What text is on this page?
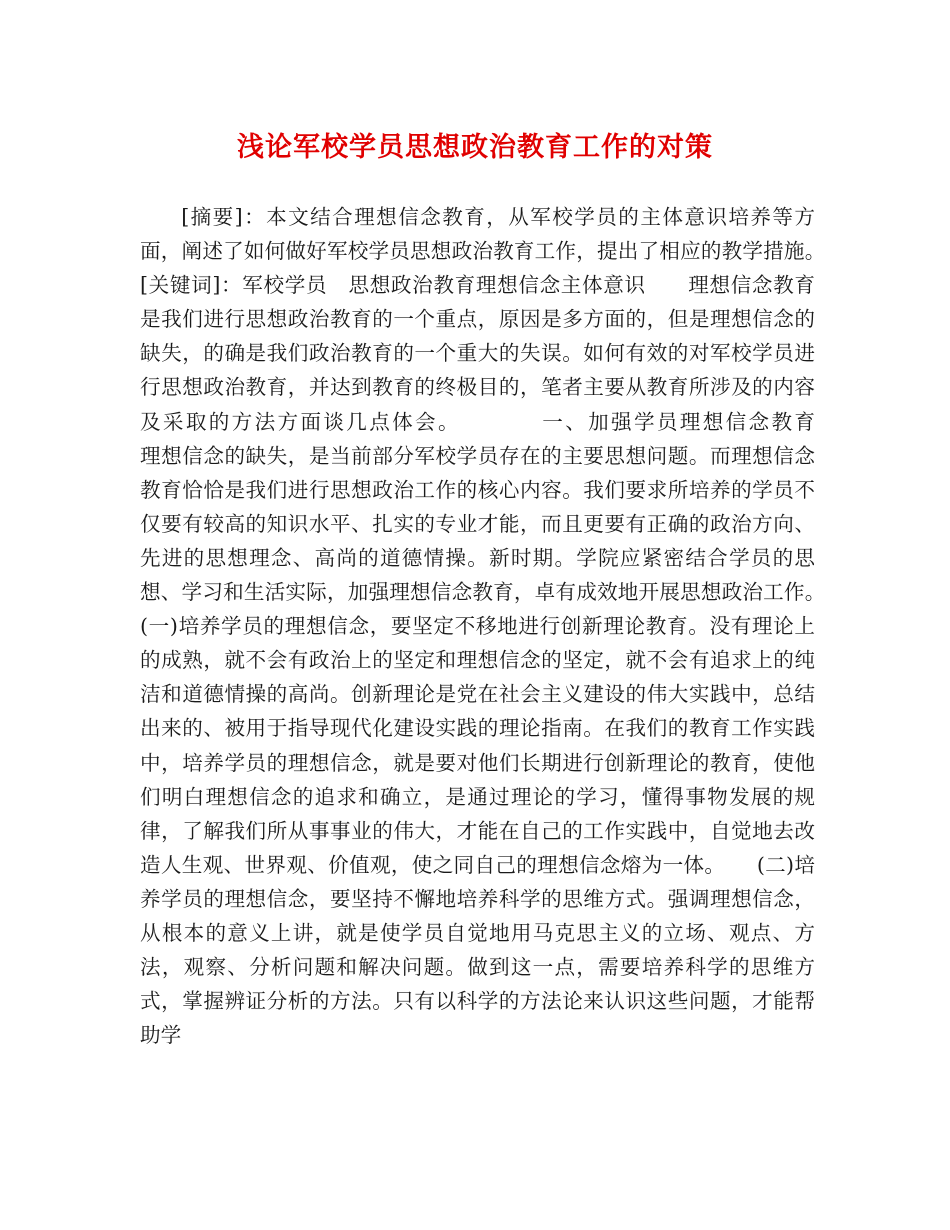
浅论军校学员思想政治教育工作的对策

[摘要]：本文结合理想信念教育，从军校学员的主体意识培养等方面，阐述了如何做好军校学员思想政治教育工作，提出了相应的教学措施。　　　[关键词]：军校学员　思想政治教育理想信念主体意识　　理想信念教育是我们进行思想政治教育的一个重点，原因是多方面的，但是理想信念的缺失，的确是我们政治教育的一个重大的失误。如何有效的对军校学员进行思想政治教育，并达到教育的终极目的，笔者主要从教育所涉及的内容及采取的方法方面谈几点体会。　　　　一、加强学员理想信念教育　　　　理想信念的缺失，是当前部分军校学员存在的主要思想问题。而理想信念教育恰恰是我们进行思想政治工作的核心内容。我们要求所培养的学员不仅要有较高的知识水平、扎实的专业才能，而且更要有正确的政治方向、先进的思想理念、高尚的道德情操。新时期。学院应紧密结合学员的思想、学习和生活实际，加强理想信念教育，卓有成效地开展思想政治工作。　　(一)培养学员的理想信念，要坚定不移地进行创新理论教育。没有理论上的成熟，就不会有政治上的坚定和理想信念的坚定，就不会有追求上的纯洁和道德情操的高尚。创新理论是党在社会主义建设的伟大实践中，总结出来的、被用于指导现代化建设实践的理论指南。在我们的教育工作实践中，培养学员的理想信念，就是要对他们长期进行创新理论的教育，使他们明白理想信念的追求和确立，是通过理论的学习，懂得事物发展的规律，了解我们所从事事业的伟大，才能在自己的工作实践中，自觉地去改造人生观、世界观、价值观，使之同自己的理想信念熔为一体。　　(二)培养学员的理想信念，要坚持不懈地培养科学的思维方式。强调理想信念，从根本的意义上讲，就是使学员自觉地用马克思主义的立场、观点、方法，观察、分析问题和解决问题。做到这一点，需要培养科学的思维方式，掌握辨证分析的方法。只有以科学的方法论来认识这些问题，才能帮助学
